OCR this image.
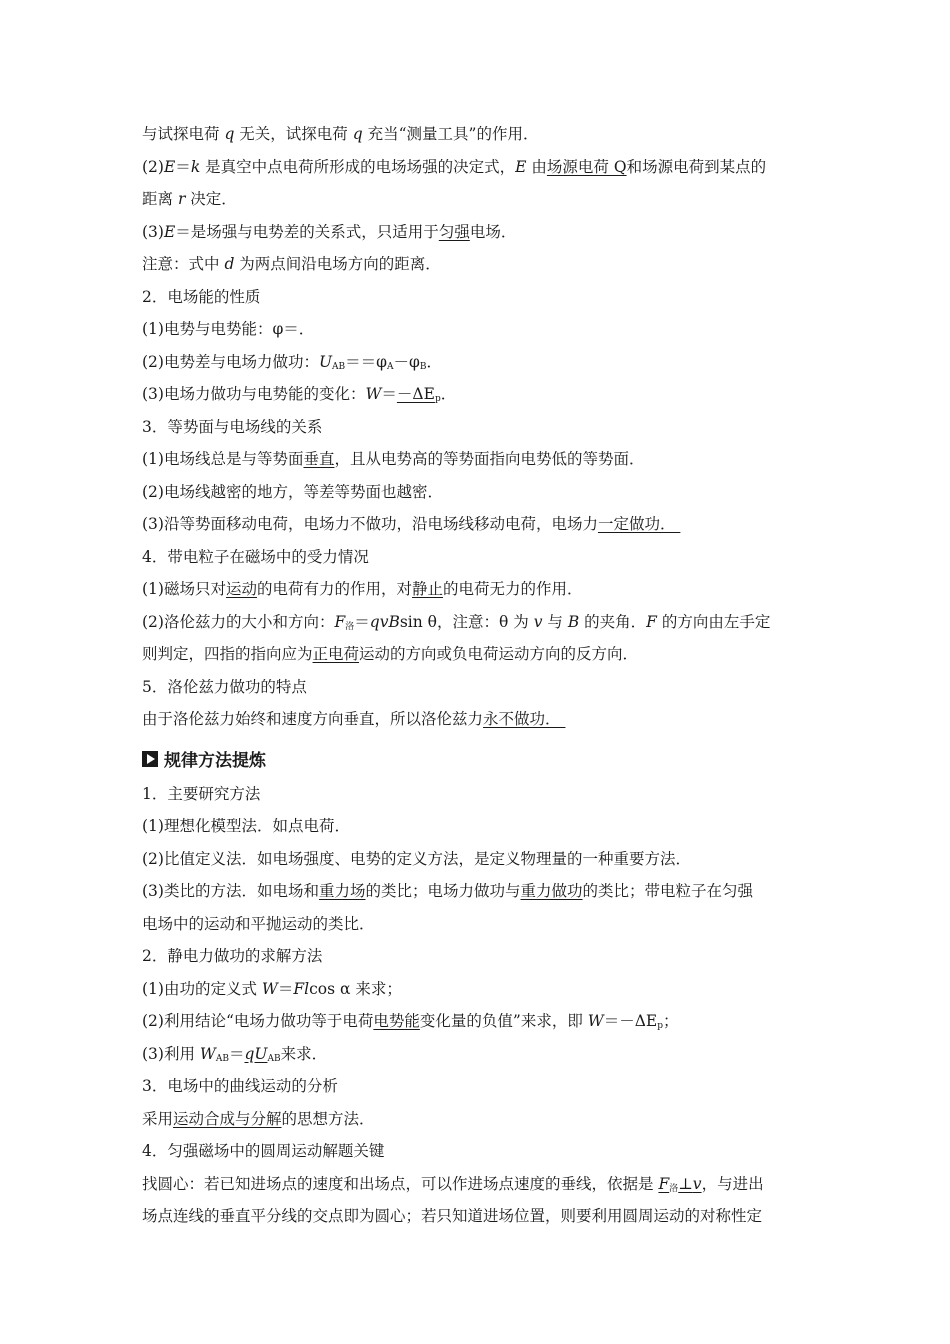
与试探电荷 q 无关，试探电荷 q 充当“测量工具”的作用．
(2)E＝k 是真空中点电荷所形成的电场场强的决定式，E 由场源电荷 Q和场源电荷到某点的
距离 r 决定．
(3)E＝是场强与电势差的关系式，只适用于匀强电场．
注意：式中 d 为两点间沿电场方向的距离．
2．电场能的性质
(1)电势与电势能：φ＝．
(2)电势差与电场力做功：$U_{AB}==\varphi_A-\varphi_B$．
(3)电场力做功与电势能的变化：$W=-\Delta E_p$．
3．等势面与电场线的关系
(1)电场线总是与等势面垂直，且从电势高的等势面指向电势低的等势面．
(2)电场线越密的地方，等差等势面也越密．
(3)沿等势面移动电荷，电场力不做功，沿电场线移动电荷，电场力一定做功．
4．带电粒子在磁场中的受力情况
(1)磁场只对运动的电荷有力的作用，对静止的电荷无力的作用．
(2)洛伦兹力的大小和方向：$F_洛=qvBsin$ θ，注意：θ 为 v 与 B 的夹角．F 的方向由左手定
则判定，四指的指向应为正电荷运动的方向或负电荷运动方向的反方向．
5．洛伦兹力做功的特点
由于洛伦兹力始终和速度方向垂直，所以洛伦兹力永不做功．
规律方法提炼
1．主要研究方法
(1)理想化模型法．如点电荷．
(2)比值定义法．如电场强度、电势的定义方法，是定义物理量的一种重要方法．
(3)类比的方法．如电场和重力场的类比；电场力做功与重力做功的类比；带电粒子在匀强
电场中的运动和平抛运动的类比．
2．静电力做功的求解方法
(1)由功的定义式 W＝Flcos α 来求；
(2)利用结论“电场力做功等于电荷电势能变化量的负值”来求，即 $W=-\Delta E_p$；
(3)利用 $W_{AB}=qU_{AB}$来求．
3．电场中的曲线运动的分析
采用运动合成与分解的思想方法．
4．匀强磁场中的圆周运动解题关键
找圆心：若已知进场点的速度和出场点，可以作进场点速度的垂线，依据是 $F_洛\perp v$，与进出
场点连线的垂直平分线的交点即为圆心；若只知道进场位置，则要利用圆周运动的对称性定
